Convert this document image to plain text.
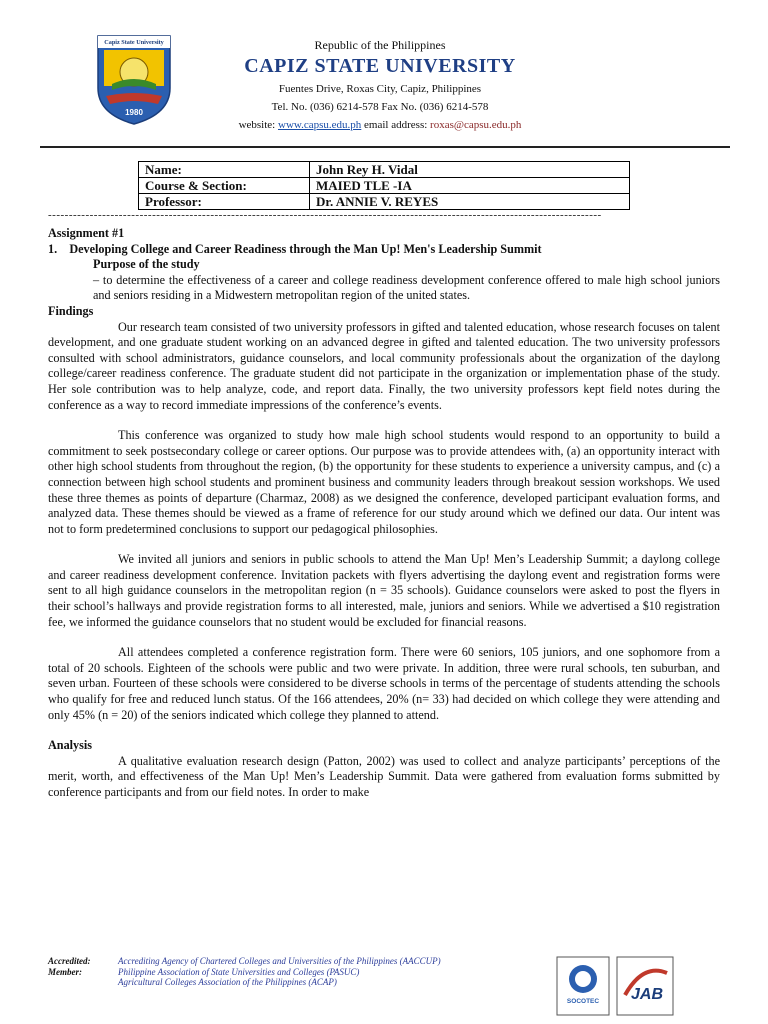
Capiz State University
1980
Republic of the Philippines
CAPIZ STATE UNIVERSITY
Fuentes Drive, Roxas City, Capiz, Philippines
Tel. No. (036) 6214-578 Fax No. (036) 6214-578
website: www.capsu.edu.ph email address: roxas@capsu.edu.ph
Name:	John Rey H. Vidal
Course & Section:	MAIED TLE -IA
Professor:	Dr. ANNIE V. REYES
-------------------------------------------------------------------------------------------------------------------------------------

Assignment #1

1. Developing College and Career Readiness through the Man Up! Men's Leadership Summit

Purpose of the study

– to determine the effectiveness of a career and college readiness development conference offered to male high school juniors and seniors residing in a Midwestern metropolitan region of the united states.

Findings

Our research team consisted of two university professors in gifted and talented education, whose research focuses on talent development, and one graduate student working on an advanced degree in gifted and talented education. The two university professors consulted with school administrators, guidance counselors, and local community professionals about the organization of the daylong college/career readiness conference. The graduate student did not participate in the organization or implementation phase of the study. Her sole contribution was to help analyze, code, and report data. Finally, the two university professors kept field notes during the conference as a way to record immediate impressions of the conference’s events.

This conference was organized to study how male high school students would respond to an opportunity to build a commitment to seek postsecondary college or career options. Our purpose was to provide attendees with, (a) an opportunity interact with other high school students from throughout the region, (b) the opportunity for these students to experience a university campus, and (c) a connection between high school students and prominent business and community leaders through breakout session workshops. We used these three themes as points of departure (Charmaz, 2008) as we designed the conference, developed participant evaluation forms, and analyzed data. These themes should be viewed as a frame of reference for our study around which we defined our data. Our intent was not to form predetermined conclusions to support our pedagogical philosophies.

We invited all juniors and seniors in public schools to attend the Man Up! Men’s Leadership Summit; a daylong college and career readiness development conference. Invitation packets with flyers advertising the daylong event and registration forms were sent to all high guidance counselors in the metropolitan region (n = 35 schools). Guidance counselors were asked to post the flyers in their school’s hallways and provide registration forms to all interested, male, juniors and seniors. While we advertised a $10 registration fee, we informed the guidance counselors that no student would be excluded for financial reasons.

All attendees completed a conference registration form. There were 60 seniors, 105 juniors, and one sophomore from a total of 20 schools. Eighteen of the schools were public and two were private. In addition, three were rural schools, ten suburban, and seven urban. Fourteen of these schools were considered to be diverse schools in terms of the percentage of students attending the schools who qualify for free and reduced lunch status. Of the 166 attendees, 20% (n= 33) had decided on which college they were attending and only 45% (n = 20) of the seniors indicated which college they planned to attend.

Analysis

A qualitative evaluation research design (Patton, 2002) was used to collect and analyze participants’ perceptions of the merit, worth, and effectiveness of the Man Up! Men’s Leadership Summit. Data were gathered from evaluation forms submitted by conference participants and from our field notes. In order to make

Accredited:	Accrediting Agency of Chartered Colleges and Universities of the Philippines (AACCUP)
Member:	Philippine Association of State Universities and Colleges (PASUC)
Agricultural Colleges Association of the Philippines (ACAP)
SOCOTEC JAB
